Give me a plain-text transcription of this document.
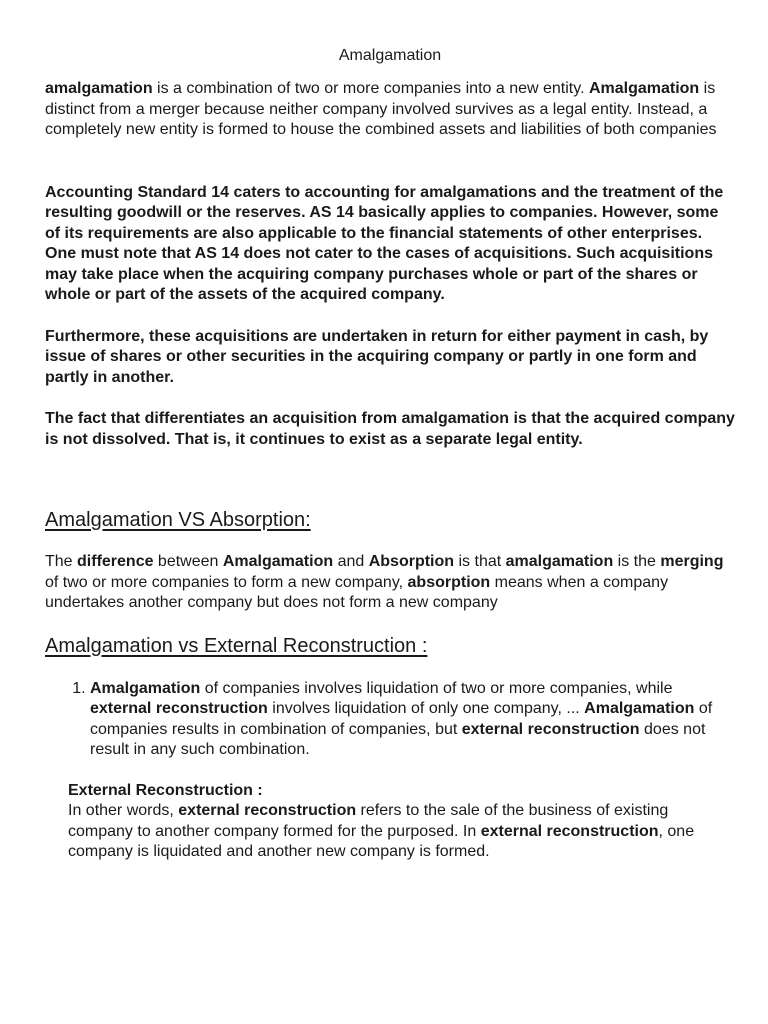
Amalgamation

amalgamation is a combination of two or more companies into a new entity. Amalgamation is distinct from a merger because neither company involved survives as a legal entity. Instead, a completely new entity is formed to house the combined assets and liabilities of both companies

Accounting Standard 14 caters to accounting for amalgamations and the treatment of the resulting goodwill or the reserves. AS 14 basically applies to companies. However, some of its requirements are also applicable to the financial statements of other enterprises.

One must note that AS 14 does not cater to the cases of acquisitions. Such acquisitions may take place when the acquiring company purchases whole or part of the shares or whole or part of the assets of the acquired company.

Furthermore, these acquisitions are undertaken in return for either payment in cash, by issue of shares or other securities in the acquiring company or partly in one form and partly in another.

The fact that differentiates an acquisition from amalgamation is that the acquired company is not dissolved. That is, it continues to exist as a separate legal entity.

Amalgamation VS Absorption:

The difference between Amalgamation and Absorption is that amalgamation is the merging of two or more companies to form a new company, absorption means when a company undertakes another company but does not form a new company

Amalgamation vs External Reconstruction :
1. Amalgamation of companies involves liquidation of two or more companies, while external reconstruction involves liquidation of only one company, ... Amalgamation of companies results in combination of companies, but external reconstruction does not result in any such combination.

External Reconstruction :

In other words, external reconstruction refers to the sale of the business of existing company to another company formed for the purposed. In external reconstruction, one company is liquidated and another new company is formed.
